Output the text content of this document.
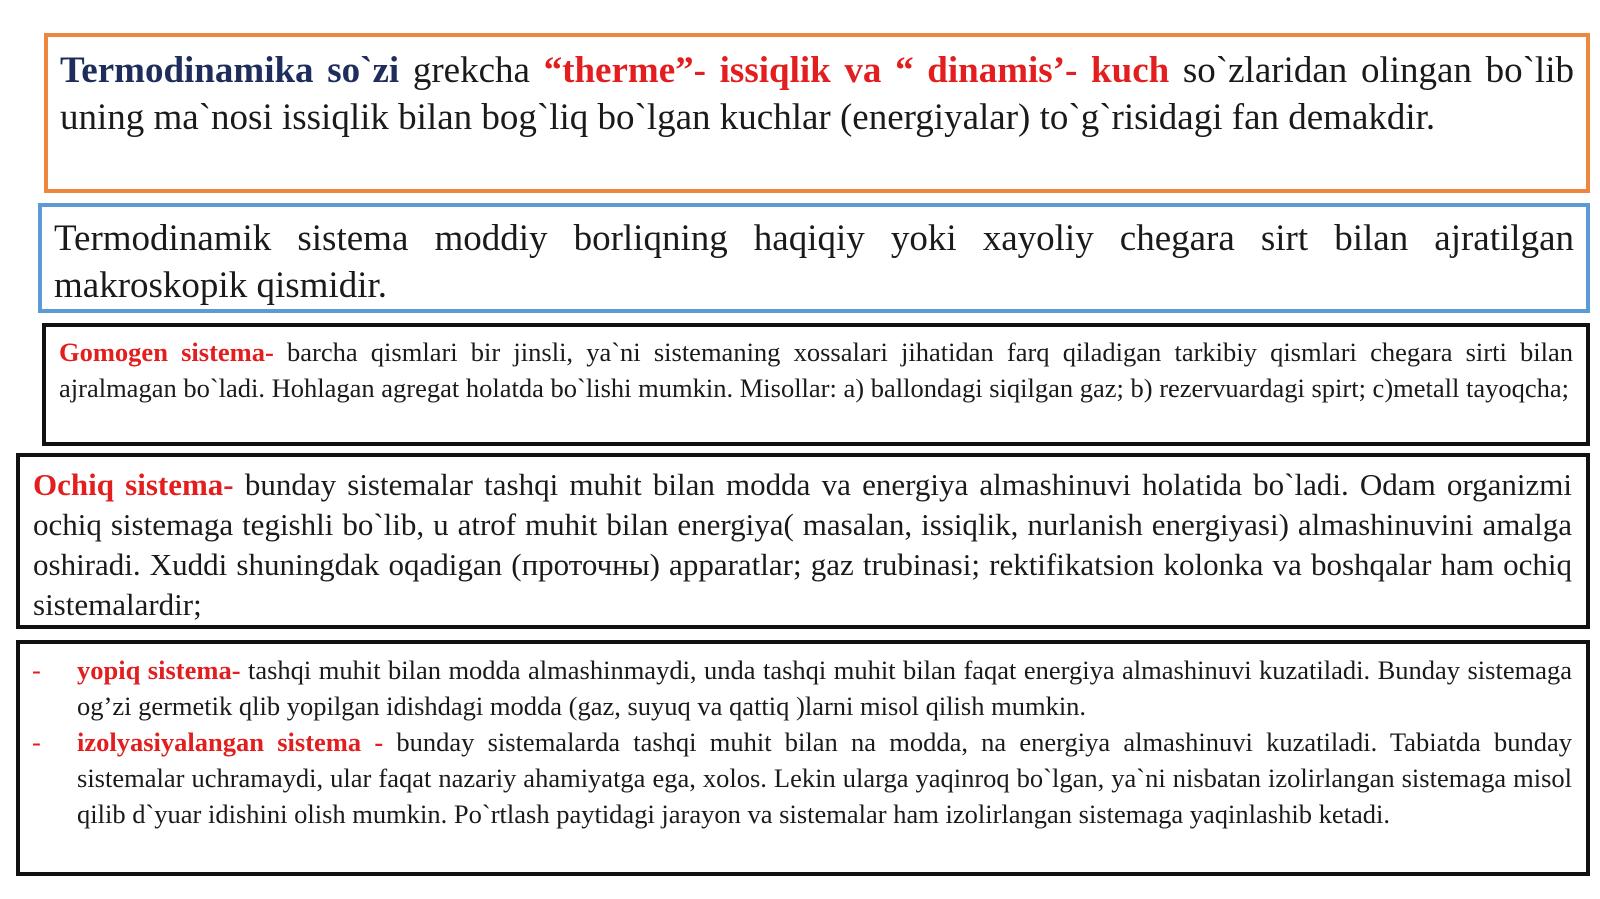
Termodinamika so`zi grekcha “therme”- issiqlik va “ dinamis’- kuch so`zlaridan olingan bo`lib uning ma`nosi issiqlik bilan bog`liq bo`lgan kuchlar (energiyalar) to`g`risidagi fan demakdir.

Termodinamik sistema moddiy borliqning haqiqiy yoki xayoliy chegara sirt bilan ajratilgan makroskopik qismidir.

Gomogen sistema- barcha qismlari bir jinsli, ya`ni sistemaning xossalari jihatidan farq qiladigan tarkibiy qismlari chegara sirti bilan ajralmagan bo`ladi. Hohlagan agregat holatda bo`lishi mumkin. Misollar: a) ballondagi siqilgan gaz; b) rezervuardagi spirt; c)metall tayoqcha;

Ochiq sistema- bunday sistemalar tashqi muhit bilan modda va energiya almashinuvi holatida bo`ladi. Odam organizmi ochiq sistemaga tegishli bo`lib, u atrof muhit bilan energiya( masalan, issiqlik, nurlanish energiyasi) almashinuvini amalga oshiradi. Xuddi shuningdak oqadigan (проточны) apparatlar; gaz trubinasi; rektifikatsion kolonka va boshqalar ham ochiq sistemalardir;

-	yopiq sistema- tashqi muhit bilan modda almashinmaydi, unda tashqi muhit bilan faqat energiya almashinuvi kuzatiladi. Bunday sistemaga og’zi germetik qlib yopilgan idishdagi modda (gaz, suyuq va qattiq )larni misol qilish mumkin.
-	izolyasiyalangan sistema - bunday sistemalarda tashqi muhit bilan na modda, na energiya almashinuvi kuzatiladi. Tabiatda bunday sistemalar uchramaydi, ular faqat nazariy ahamiyatga ega, xolos. Lekin ularga yaqinroq bo`lgan, ya`ni nisbatan izolirlangan sistemaga misol qilib d`yuar idishini olish mumkin. Po`rtlash paytidagi jarayon va sistemalar ham izolirlangan sistemaga yaqinlashib ketadi.
